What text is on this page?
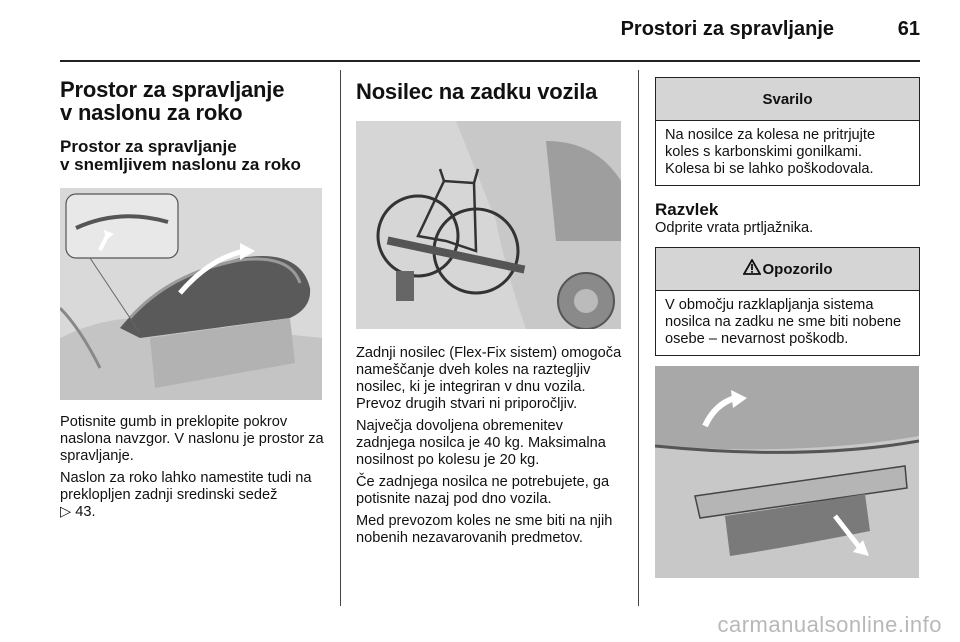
Prostori za spravljanje	61
Prostor za spravljanje
v naslonu za roko
Prostor za spravljanje
v snemljivem naslonu za roko

Potisnite gumb in preklopite pokrov naslona navzgor. V naslonu je prostor za spravljanje.

Naslon za roko lahko namestite tudi na preklopljen zadnji sredinski sedež
▷ 43.

Nosilec na zadku vozila

Zadnji nosilec (Flex-Fix sistem) omogoča nameščanje dveh koles na raztegljiv nosilec, ki je integriran v dnu vozila. Prevoz drugih stvari ni priporočljiv.

Največja dovoljena obremenitev zadnjega nosilca je 40 kg. Maksimalna nosilnost po kolesu je 20 kg.

Če zadnjega nosilca ne potrebujete, ga potisnite nazaj pod dno vozila.

Med prevozom koles ne sme biti na njih nobenih nezavarovanih predmetov.

Svarilo
Na nosilce za kolesa ne pritrjujte koles s karbonskimi gonilkami. Kolesa bi se lahko poškodovala.
Razvlek

Odprite vrata prtljažnika.

Opozorilo
V območju razklapljanja sistema nosilca na zadku ne sme biti nobene osebe – nevarnost poškodb.
carmanualsonline.info
